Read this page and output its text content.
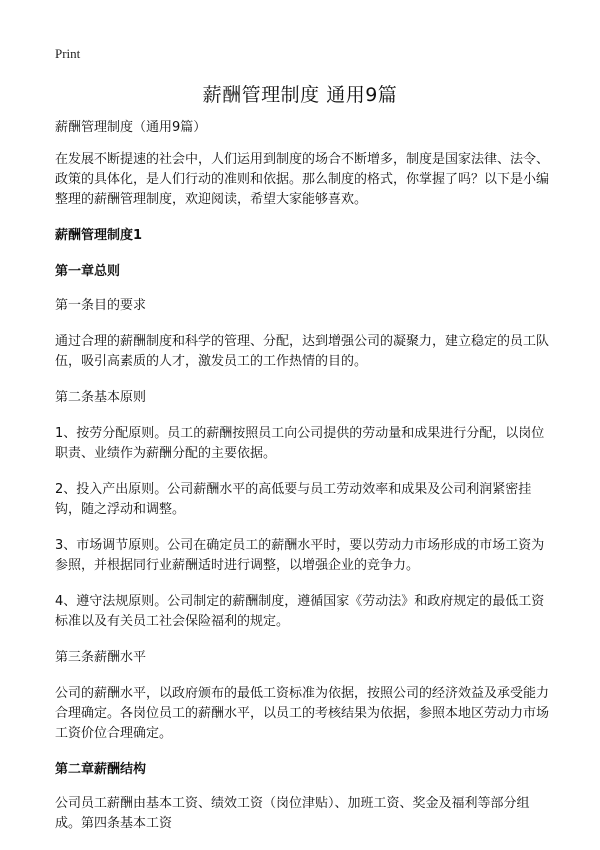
Print
薪酬管理制度 通用9篇

薪酬管理制度（通用9篇）

在发展不断提速的社会中，人们运用到制度的场合不断增多，制度是国家法律、法令、政策的具体化，是人们行动的准则和依据。那么制度的格式，你掌握了吗？以下是小编整理的薪酬管理制度，欢迎阅读，希望大家能够喜欢。

薪酬管理制度1

第一章总则

第一条目的要求

通过合理的薪酬制度和科学的管理、分配，达到增强公司的凝聚力，建立稳定的员工队伍，吸引高素质的人才，激发员工的工作热情的目的。

第二条基本原则

1、按劳分配原则。员工的薪酬按照员工向公司提供的劳动量和成果进行分配，以岗位职责、业绩作为薪酬分配的主要依据。

2、投入产出原则。公司薪酬水平的高低要与员工劳动效率和成果及公司利润紧密挂钩，随之浮动和调整。

3、市场调节原则。公司在确定员工的薪酬水平时，要以劳动力市场形成的市场工资为参照，并根据同行业薪酬适时进行调整，以增强企业的竞争力。

4、遵守法规原则。公司制定的薪酬制度，遵循国家《劳动法》和政府规定的最低工资标准以及有关员工社会保险福利的规定。

第三条薪酬水平

公司的薪酬水平，以政府颁布的最低工资标准为依据，按照公司的经济效益及承受能力合理确定。各岗位员工的薪酬水平，以员工的考核结果为依据，参照本地区劳动力市场工资价位合理确定。

第二章薪酬结构

公司员工薪酬由基本工资、绩效工资（岗位津贴）、加班工资、奖金及福利等部分组成。第四条基本工资
